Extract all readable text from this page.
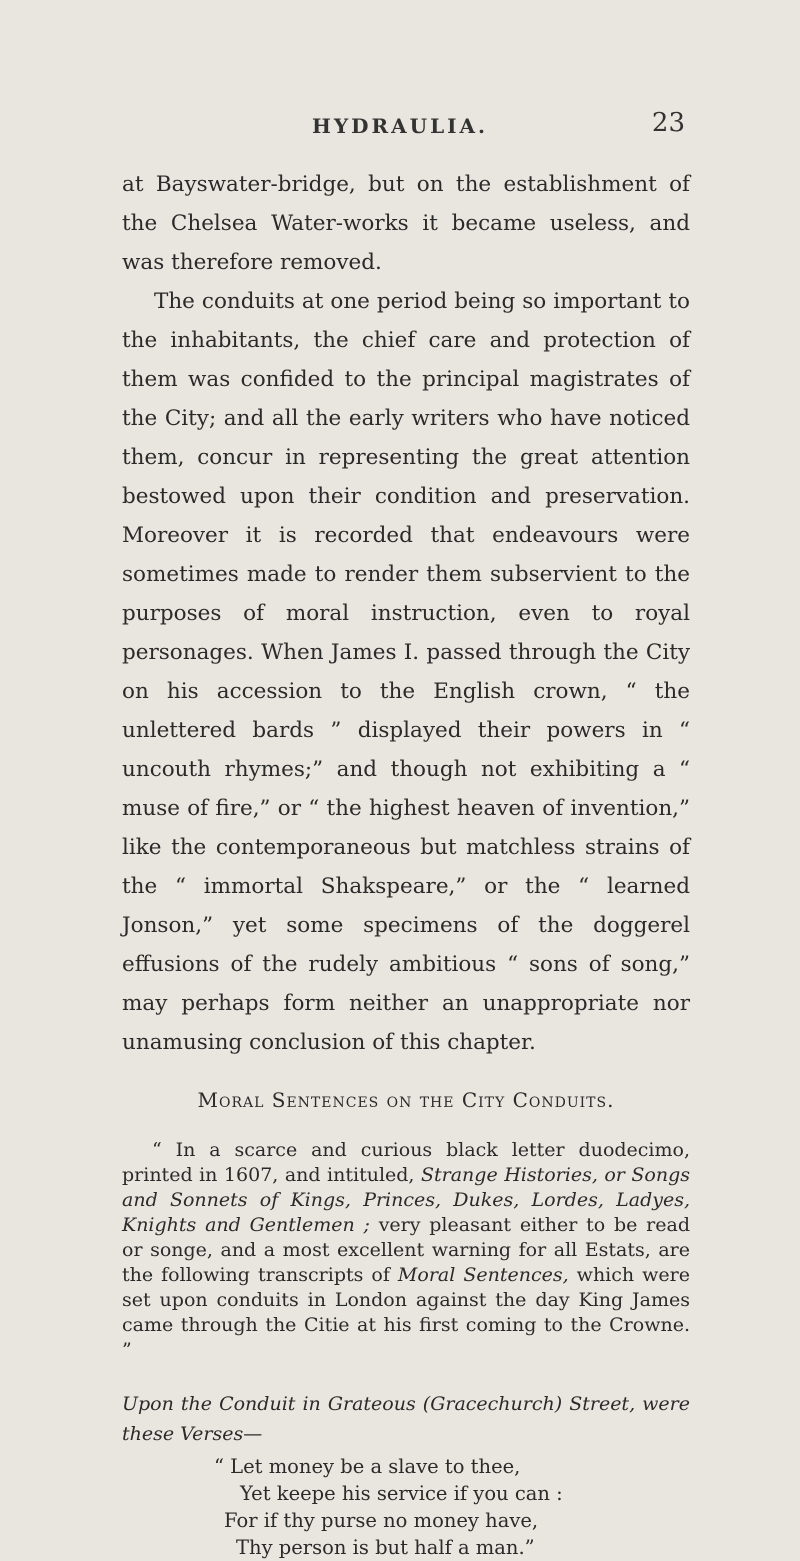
HYDRAULIA.	23

at Bayswater-bridge, but on the establishment of the Chelsea Water-works it became useless, and was therefore removed.

The conduits at one period being so important to the inhabitants, the chief care and protection of them was confided to the principal magistrates of the City; and all the early writers who have noticed them, concur in representing the great attention bestowed upon their condition and preservation. Moreover it is recorded that endeavours were sometimes made to render them subservient to the purposes of moral instruction, even to royal personages. When James I. passed through the City on his accession to the English crown, “ the unlettered bards ” displayed their powers in “ uncouth rhymes;” and though not exhibiting a “ muse of fire,” or “ the highest heaven of invention,” like the contemporaneous but matchless strains of the “ immortal Shakspeare,” or the “ learned Jonson,” yet some specimens of the doggerel effusions of the rudely ambitious “ sons of song,” may perhaps form neither an unappropriate nor unamusing conclusion of this chapter.

Moral Sentences on the City Conduits.

“ In a scarce and curious black letter duodecimo, printed in 1607, and intituled, Strange Histories, or Songs and Sonnets of Kings, Princes, Dukes, Lordes, Ladyes, Knights and Gentlemen ; very pleasant either to be read or songe, and a most excellent warning for all Estats, are the following transcripts of Moral Sentences, which were set upon conduits in London against the day King James came through the Citie at his first coming to the Crowne. ”

Upon the Conduit in Grateous (Gracechurch) Street, were these Verses—

“ Let money be a slave to thee,
Yet keepe his service if you can :
For if thy purse no money have,
Thy person is but half a man.”
